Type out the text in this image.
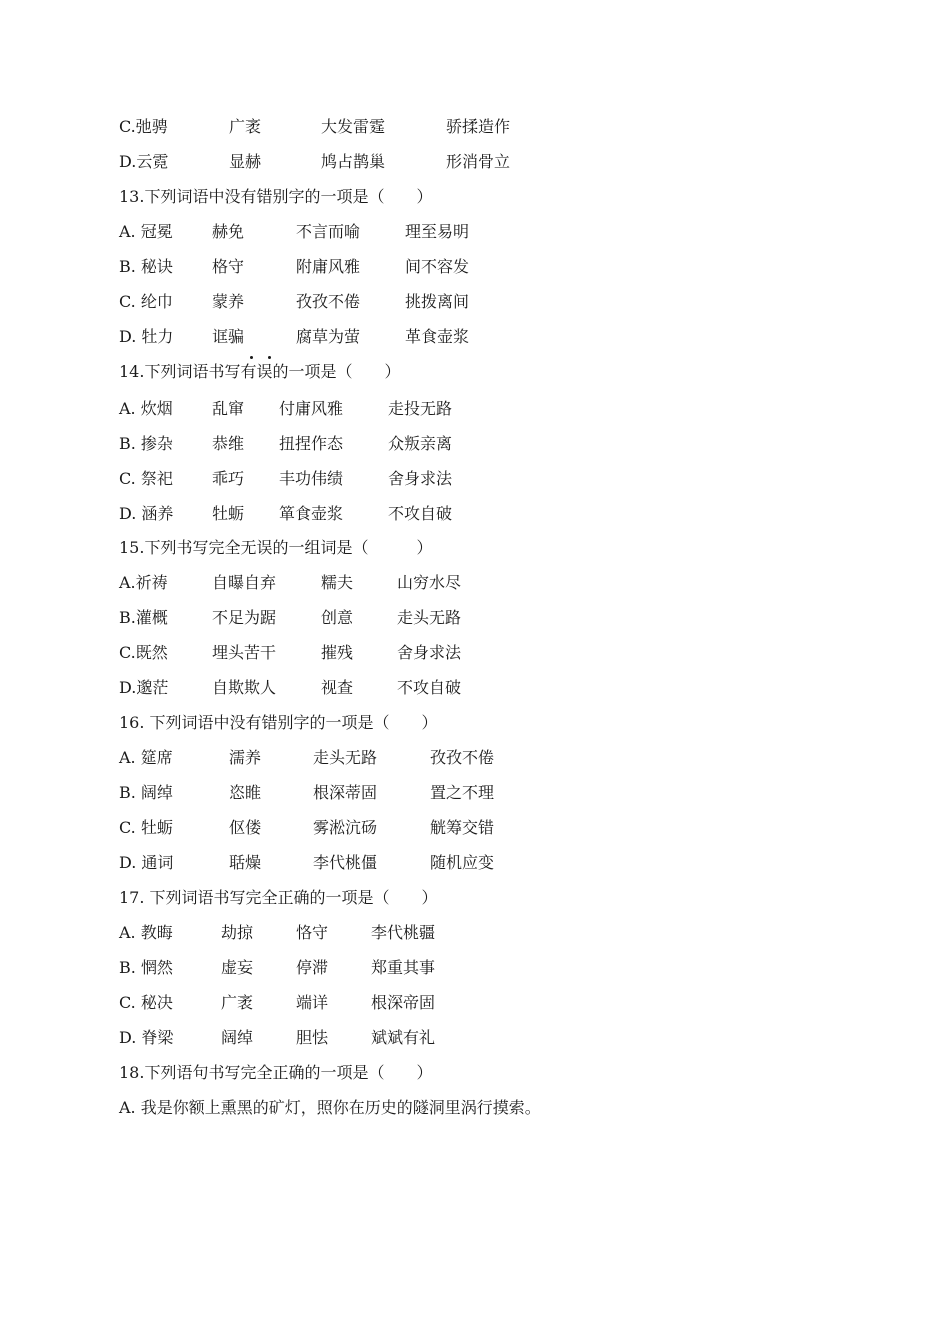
C.弛骋	广袤	大发雷霆	骄揉造作
D.云霓	显赫	鸠占鹊巢	形消骨立
13.下列词语中没有错别字的一项是（　　）
A. 冠冕 赫免	不言而喻	理至易明
B. 秘诀 格守	附庸风雅	间不容发
C. 纶巾 蒙养	孜孜不倦	挑拨离间
D. 牡力 诓骗	腐草为萤	革食壶浆
14.下列词语书写有误的一项是（　　）
A. 炊烟 乱窜 付庸风雅	走投无路
B. 掺杂 恭维 扭捏作态	众叛亲离
C. 祭祀 乖巧 丰功伟绩	舍身求法
D. 涵养 牡蛎 箪食壶浆	不攻自破
15.下列书写完全无误的一组词是（　　　）
A.祈祷	自曝自弃	糯夫	山穷水尽
B.灌概	不足为踞	创意	走头无路
C.既然	埋头苦干	摧残	舍身求法
D.邈茫	自欺欺人	视查	不攻自破
16. 下列词语中没有错别字的一项是（　　）
A. 筵席	濡养	走头无路	孜孜不倦
B. 阔绰	恣睢	根深蒂固	置之不理
C. 牡蛎	伛偻	雾淞沆砀	觥筹交错
D. 通词	聒燥	李代桃僵	随机应变
17. 下列词语书写完全正确的一项是（　　）
A. 教晦	劫掠	恪守	李代桃疆
B. 惘然	虚妄	停滞	郑重其事
C. 秘决	广袤	端详	根深帝固
D. 脊梁	阔绰	胆怯	斌斌有礼
18.下列语句书写完全正确的一项是（　　）
A. 我是你额上熏黑的矿灯，照你在历史的隧洞里涡行摸索。
